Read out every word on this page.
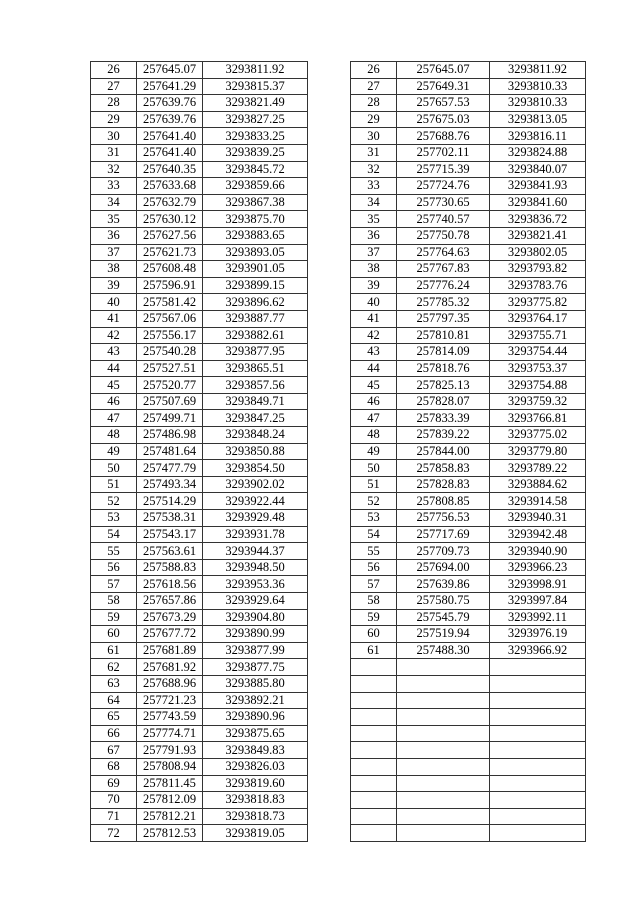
26	257645.07	3293811.92
27	257641.29	3293815.37
28	257639.76	3293821.49
29	257639.76	3293827.25
30	257641.40	3293833.25
31	257641.40	3293839.25
32	257640.35	3293845.72
33	257633.68	3293859.66
34	257632.79	3293867.38
35	257630.12	3293875.70
36	257627.56	3293883.65
37	257621.73	3293893.05
38	257608.48	3293901.05
39	257596.91	3293899.15
40	257581.42	3293896.62
41	257567.06	3293887.77
42	257556.17	3293882.61
43	257540.28	3293877.95
44	257527.51	3293865.51
45	257520.77	3293857.56
46	257507.69	3293849.71
47	257499.71	3293847.25
48	257486.98	3293848.24
49	257481.64	3293850.88
50	257477.79	3293854.50
51	257493.34	3293902.02
52	257514.29	3293922.44
53	257538.31	3293929.48
54	257543.17	3293931.78
55	257563.61	3293944.37
56	257588.83	3293948.50
57	257618.56	3293953.36
58	257657.86	3293929.64
59	257673.29	3293904.80
60	257677.72	3293890.99
61	257681.89	3293877.99
62	257681.92	3293877.75
63	257688.96	3293885.80
64	257721.23	3293892.21
65	257743.59	3293890.96
66	257774.71	3293875.65
67	257791.93	3293849.83
68	257808.94	3293826.03
69	257811.45	3293819.60
70	257812.09	3293818.83
71	257812.21	3293818.73
72	257812.53	3293819.05
26	257645.07	3293811.92
27	257649.31	3293810.33
28	257657.53	3293810.33
29	257675.03	3293813.05
30	257688.76	3293816.11
31	257702.11	3293824.88
32	257715.39	3293840.07
33	257724.76	3293841.93
34	257730.65	3293841.60
35	257740.57	3293836.72
36	257750.78	3293821.41
37	257764.63	3293802.05
38	257767.83	3293793.82
39	257776.24	3293783.76
40	257785.32	3293775.82
41	257797.35	3293764.17
42	257810.81	3293755.71
43	257814.09	3293754.44
44	257818.76	3293753.37
45	257825.13	3293754.88
46	257828.07	3293759.32
47	257833.39	3293766.81
48	257839.22	3293775.02
49	257844.00	3293779.80
50	257858.83	3293789.22
51	257828.83	3293884.62
52	257808.85	3293914.58
53	257756.53	3293940.31
54	257717.69	3293942.48
55	257709.73	3293940.90
56	257694.00	3293966.23
57	257639.86	3293998.91
58	257580.75	3293997.84
59	257545.79	3293992.11
60	257519.94	3293976.19
61	257488.30	3293966.92
